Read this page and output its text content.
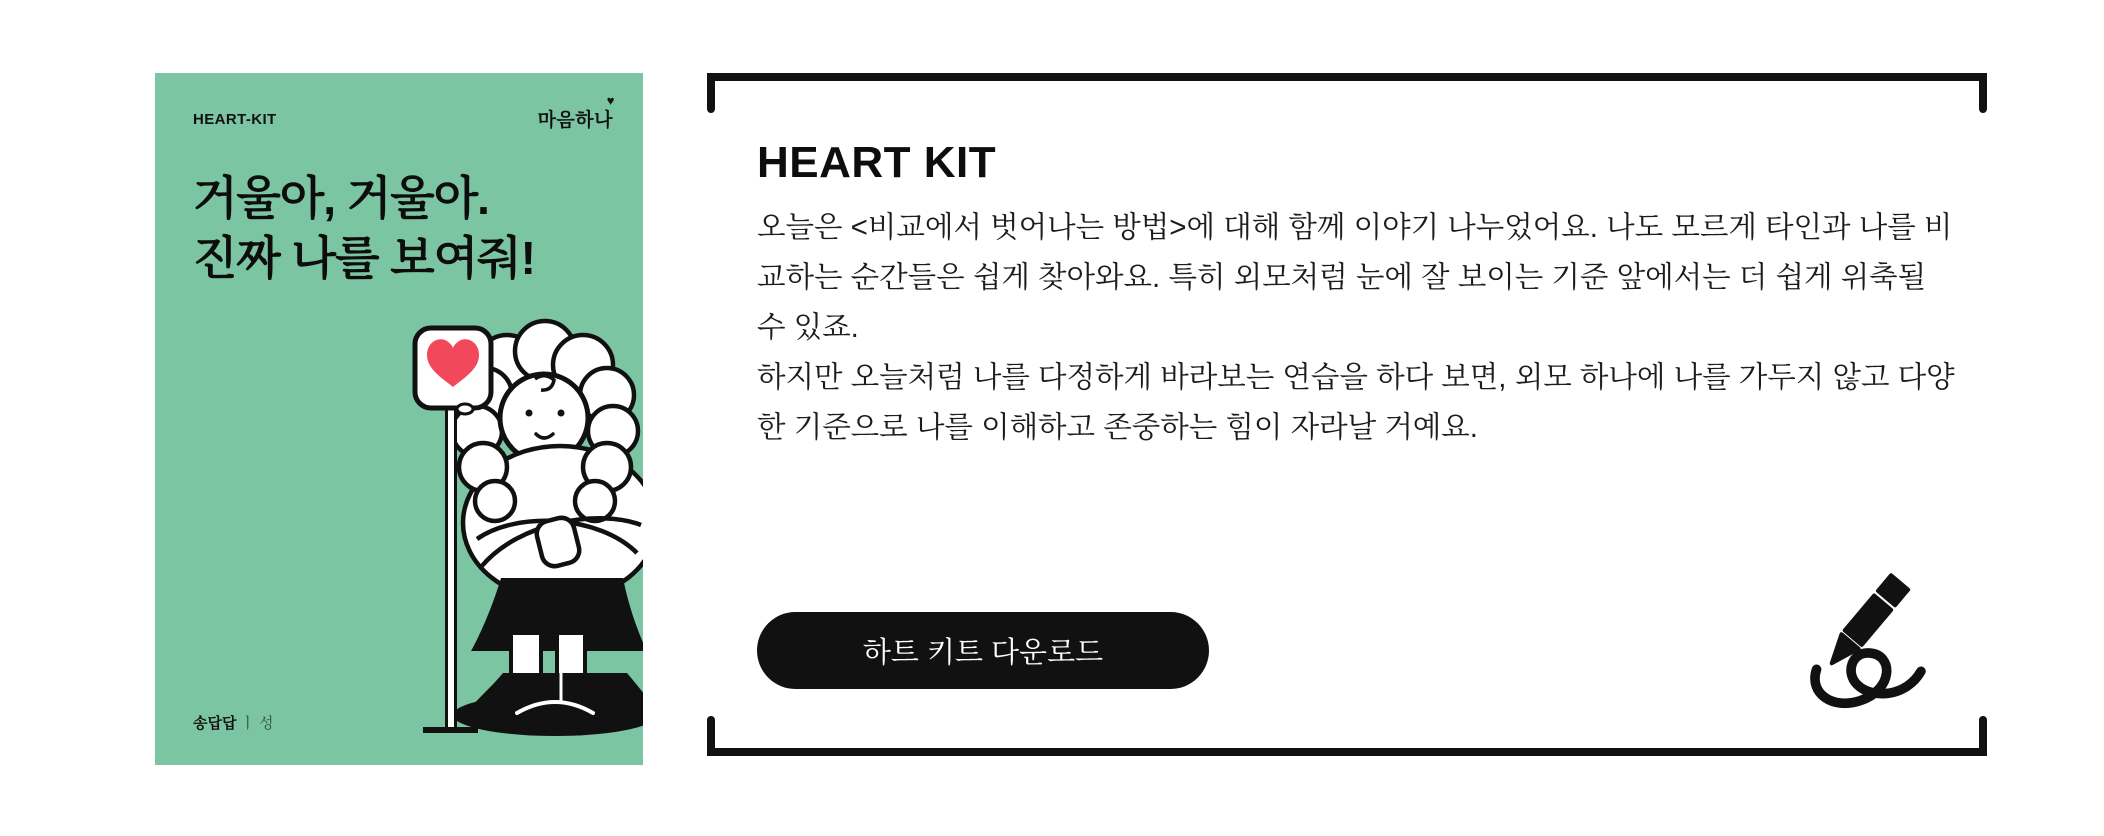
HEART-KIT	마음하나
♥
거울아, 거울아.
진짜 나를 보여줘!
송답답 ㅣ 성
HEART KIT

오늘은 <비교에서 벗어나는 방법>에 대해 함께 이야기 나누었어요. 나도 모르게 타인과 나를 비교하는 순간들은 쉽게 찾아와요. 특히 외모처럼 눈에 잘 보이는 기준 앞에서는 더 쉽게 위축될 수 있죠.

하지만 오늘처럼 나를 다정하게 바라보는 연습을 하다 보면, 외모 하나에 나를 가두지 않고 다양한 기준으로 나를 이해하고 존중하는 힘이 자라날 거예요.

하트 키트 다운로드
